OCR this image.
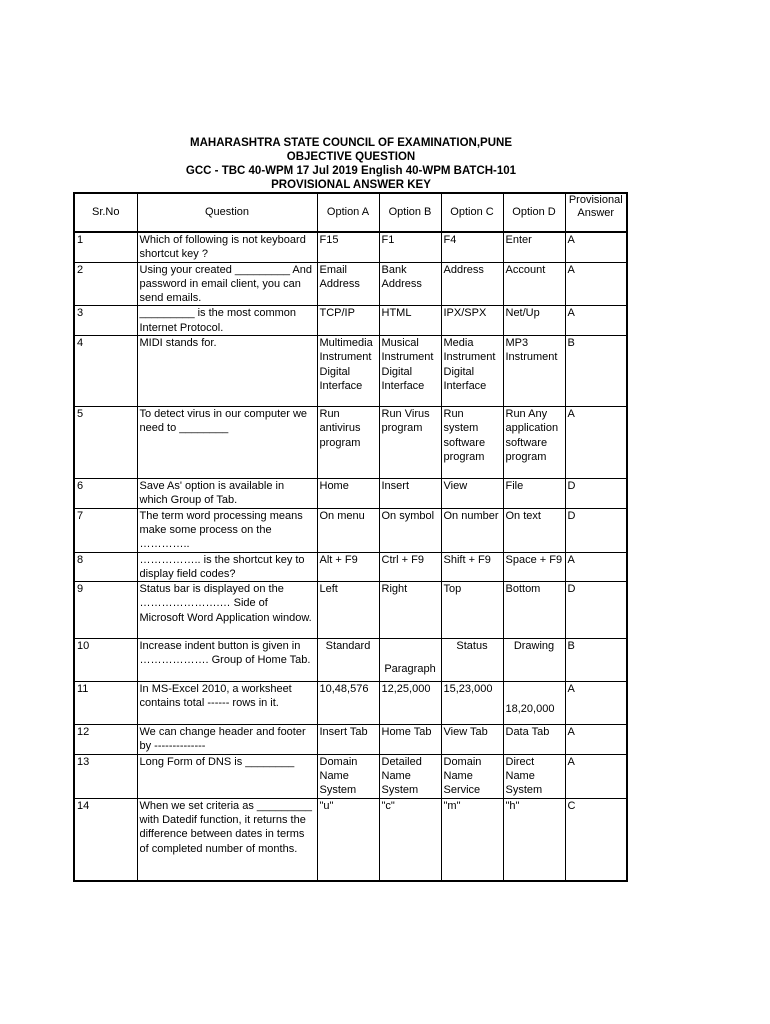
MAHARASHTRA STATE COUNCIL OF EXAMINATION,PUNE
OBJECTIVE QUESTION
GCC - TBC 40-WPM 17 Jul 2019 English 40-WPM BATCH-101
PROVISIONAL ANSWER KEY
Sr.No	Question	Option A	Option B	Option C	Option D	Provisional Answer
1	Which of following is not keyboard shortcut key ?	F15	F1	F4	Enter	A
2	Using your created _________ And password in email client, you can send emails.	Email Address	Bank Address	Address	Account	A
3	_________ is the most common Internet Protocol.	TCP/IP	HTML	IPX/SPX	Net/Up	A
4	MIDI stands for.	Multimedia Instrument Digital Interface	Musical Instrument Digital Interface	Media Instrument Digital Interface	MP3 Instrument	B
5	To detect virus in our computer we need to ________	Run antivirus program	Run Virus program	Run system software program	Run Any application software program	A
6	Save As' option is available in which Group of Tab.	Home	Insert	View	File	D
7	The term word processing means make some process on the …………..	On menu	On symbol	On number	On text	D
8	…………….. is the shortcut key to display field codes?	Alt + F9	Ctrl + F9	Shift + F9	Space + F9	A
9	Status bar is displayed on the ………………….… Side of Microsoft Word Application window.	Left	Right	Top	Bottom	D
10	Increase indent button is given in ………………. Group of Home Tab.	Standard	Paragraph	Status	Drawing	B
11	In MS-Excel 2010, a worksheet contains total ------ rows in it.	10,48,576	12,25,000	15,23,000	18,20,000	A
12	We can change header and footer by --------------	Insert Tab	Home Tab	View Tab	Data Tab	A
13	Long Form of DNS is ________	Domain Name System	Detailed Name System	Domain Name Service	Direct Name System	A
14	When we set criteria as _________ with Datedif function, it returns the difference between dates in terms of completed number of months.	"u"	"c"	"m"	"h"	C
